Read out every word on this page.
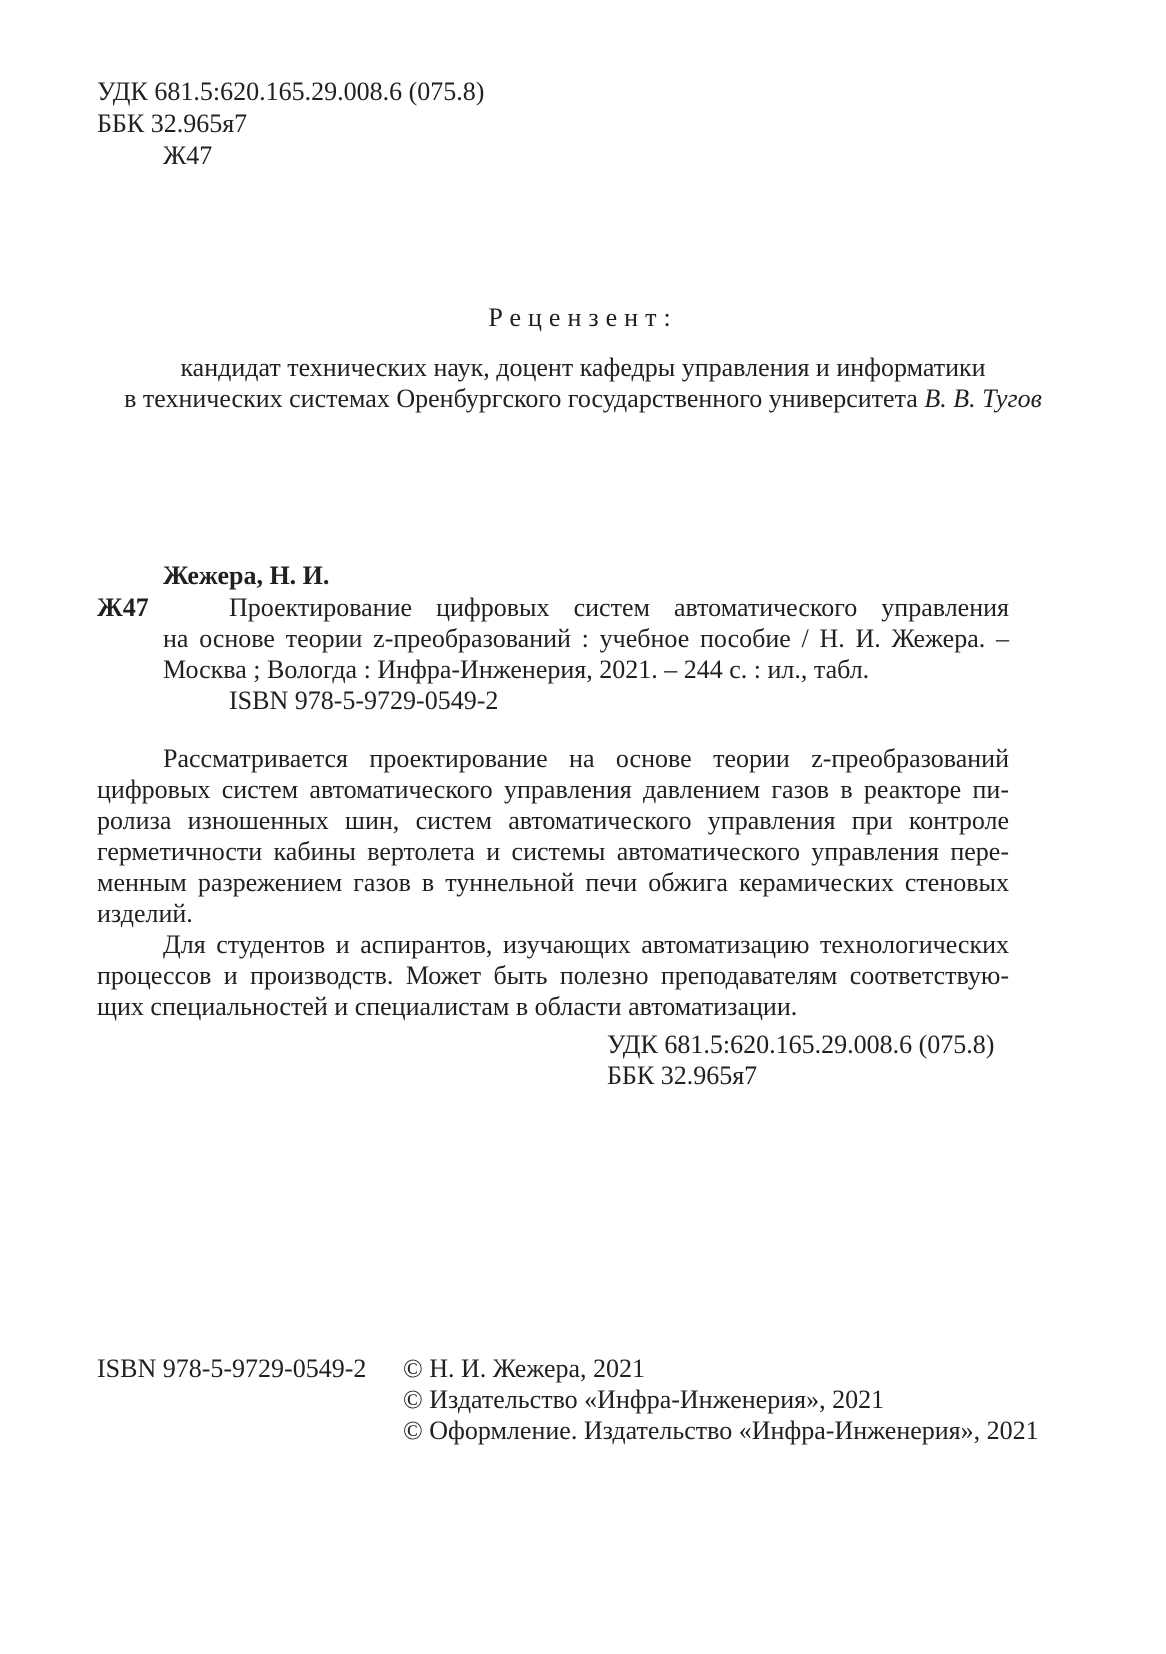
УДК 681.5:620.165.29.008.6 (075.8)
ББК 32.965я7
Ж47
Рецензент:
кандидат технических наук, доцент кафедры управления и информатики
в технических системах Оренбургского государственного университета В. В. Тугов
Жежера, Н. И.
Ж47	Проектирование цифровых систем автоматического управления
на основе теории z-преобразований : учебное пособие / Н. И. Жежера. –
Москва ; Вологда : Инфра-Инженерия, 2021. – 244 с. : ил., табл.
ISBN 978-5-9729-0549-2
Рассматривается проектирование на основе теории z-преобразований
цифровых систем автоматического управления давлением газов в реакторе пи-
ролиза изношенных шин, систем автоматического управления при контроле
герметичности кабины вертолета и системы автоматического управления пере-
менным разрежением газов в туннельной печи обжига керамических стеновых
изделий.
Для студентов и аспирантов, изучающих автоматизацию технологических
процессов и производств. Может быть полезно преподавателям соответствую-
щих специальностей и специалистам в области автоматизации.
УДК 681.5:620.165.29.008.6 (075.8)
ББК 32.965я7
ISBN 978-5-9729-0549-2 © Н. И. Жежера, 2021
© Издательство «Инфра-Инженерия», 2021
© Оформление. Издательство «Инфра-Инженерия», 2021
